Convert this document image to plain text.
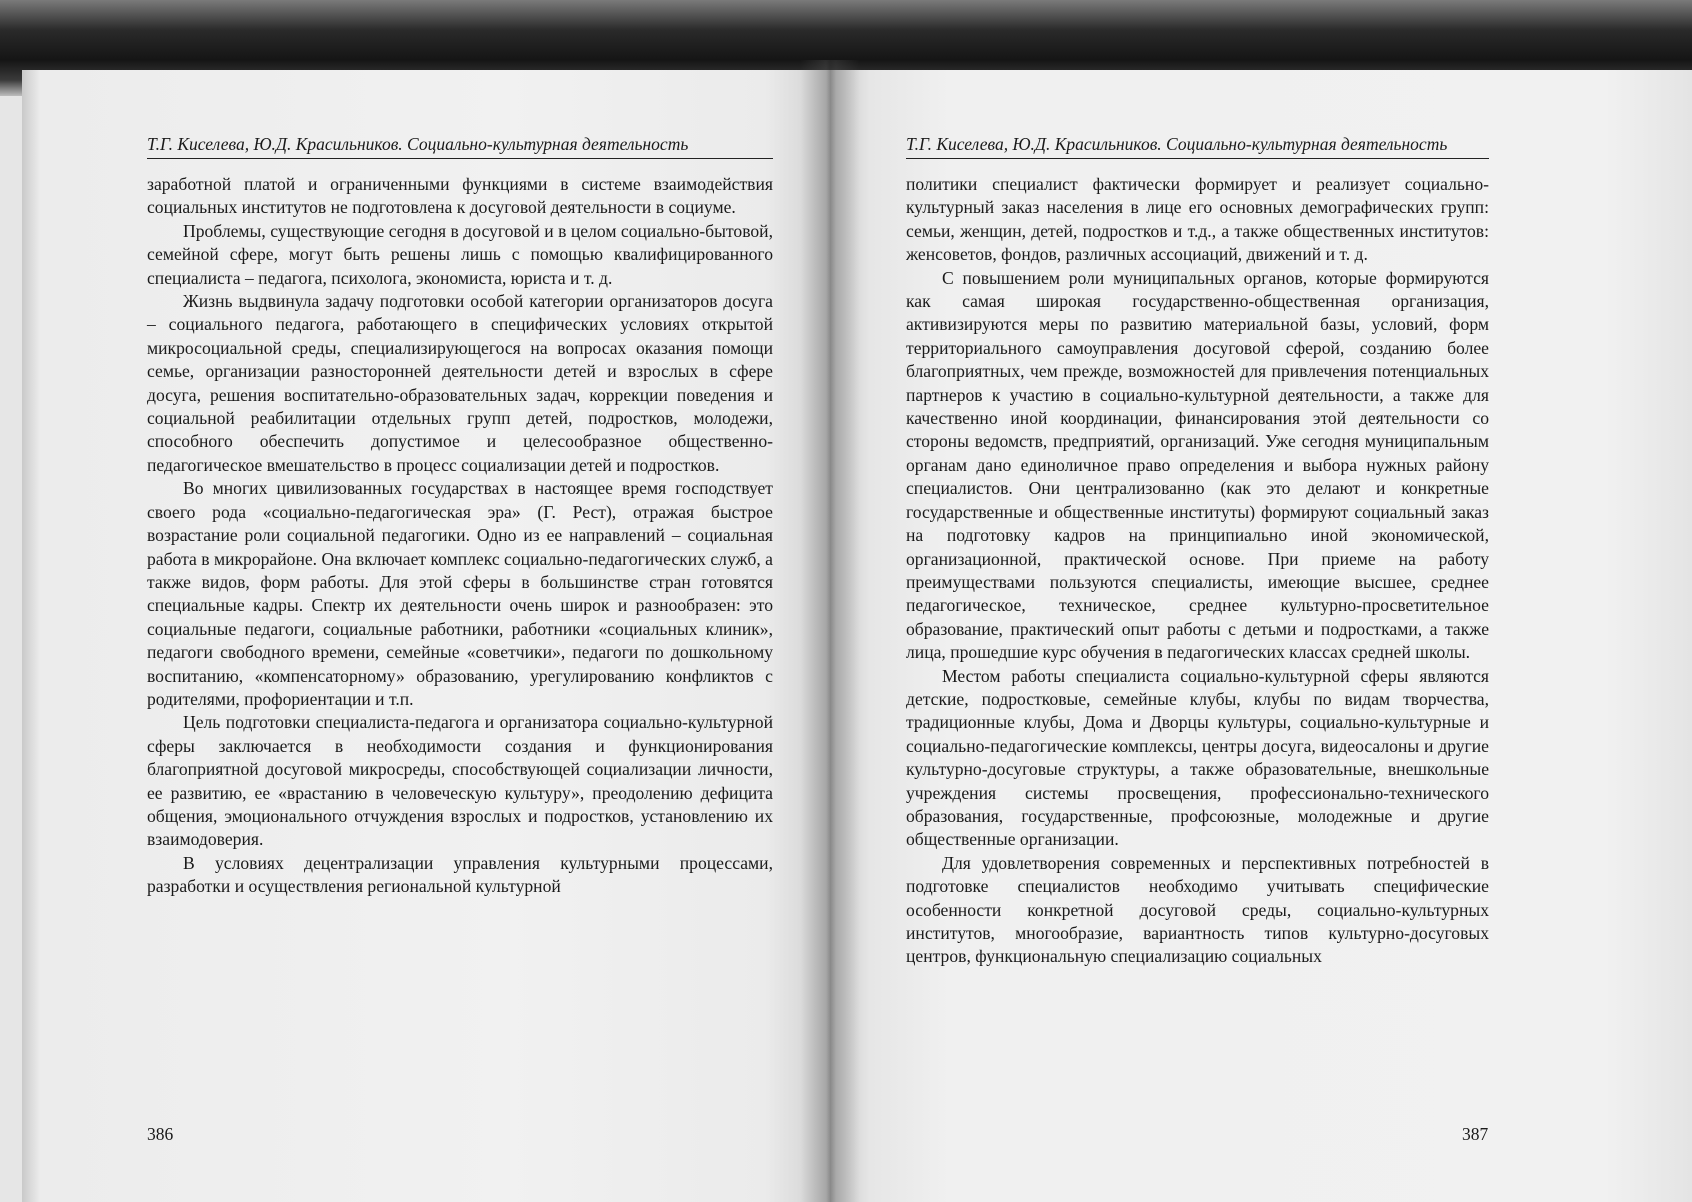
Т.Г. Киселева, Ю.Д. Красильников. Социально-культурная деятельность

заработной платой и ограниченными функциями в системе взаимодействия социальных институтов не подготовлена к досуговой деятельности в социуме.

Проблемы, существующие сегодня в досуговой и в целом социально-бытовой, семейной сфере, могут быть решены лишь с помощью квалифицированного специалиста – педагога, психолога, экономиста, юриста и т. д.

Жизнь выдвинула задачу подготовки особой категории организаторов досуга – социального педагога, работающего в специфических условиях открытой микросоциальной среды, специализирующегося на вопросах оказания помощи семье, организации разносторонней деятельности детей и взрослых в сфере досуга, решения воспитательно-образовательных задач, коррекции поведения и социальной реабилитации отдельных групп детей, подростков, молодежи, способного обеспечить допустимое и целесообразное общественно-педагогическое вмешательство в процесс социализации детей и подростков.

Во многих цивилизованных государствах в настоящее время господствует своего рода «социально-педагогическая эра» (Г. Рест), отражая быстрое возрастание роли социальной педагогики. Одно из ее направлений – социальная работа в микрорайоне. Она включает комплекс социально-педагогических служб, а также видов, форм работы. Для этой сферы в большинстве стран готовятся специальные кадры. Спектр их деятельности очень широк и разнообразен: это социальные педагоги, социальные работники, работники «социальных клиник», педагоги свободного времени, семейные «советчики», педагоги по дошкольному воспитанию, «компенсаторному» образованию, урегулированию конфликтов с родителями, профориентации и т.п.

Цель подготовки специалиста-педагога и организатора социально-культурной сферы заключается в необходимости создания и функционирования благоприятной досуговой микросреды, способствующей социализации личности, ее развитию, ее «врастанию в человеческую культуру», преодолению дефицита общения, эмоционального отчуждения взрослых и подростков, установлению их взаимодоверия.

В условиях децентрализации управления культурными процессами, разработки и осуществления региональной культурной

386
Т.Г. Киселева, Ю.Д. Красильников. Социально-культурная деятельность

политики специалист фактически формирует и реализует социально-культурный заказ населения в лице его основных демографических групп: семьи, женщин, детей, подростков и т.д., а также общественных институтов: женсоветов, фондов, различных ассоциаций, движений и т. д.

С повышением роли муниципальных органов, которые формируются как самая широкая государственно-общественная организация, активизируются меры по развитию материальной базы, условий, форм территориального самоуправления досуговой сферой, созданию более благоприятных, чем прежде, возможностей для привлечения потенциальных партнеров к участию в социально-культурной деятельности, а также для качественно иной координации, финансирования этой деятельности со стороны ведомств, предприятий, организаций. Уже сегодня муниципальным органам дано единоличное право определения и выбора нужных району специалистов. Они централизованно (как это делают и конкретные государственные и общественные институты) формируют социальный заказ на подготовку кадров на принципиально иной экономической, организационной, практической основе. При приеме на работу преимуществами пользуются специалисты, имеющие высшее, среднее педагогическое, техническое, среднее культурно-просветительное образование, практический опыт работы с детьми и подростками, а также лица, прошедшие курс обучения в педагогических классах средней школы.

Местом работы специалиста социально-культурной сферы являются детские, подростковые, семейные клубы, клубы по видам творчества, традиционные клубы, Дома и Дворцы культуры, социально-культурные и социально-педагогические комплексы, центры досуга, видеосалоны и другие культурно-досуговые структуры, а также образовательные, внешкольные учреждения системы просвещения, профессионально-технического образования, государственные, профсоюзные, молодежные и другие общественные организации.

Для удовлетворения современных и перспективных потребностей в подготовке специалистов необходимо учитывать специфические особенности конкретной досуговой среды, социально-культурных институтов, многообразие, вариантность типов культурно-досуговых центров, функциональную специализацию социальных

387
